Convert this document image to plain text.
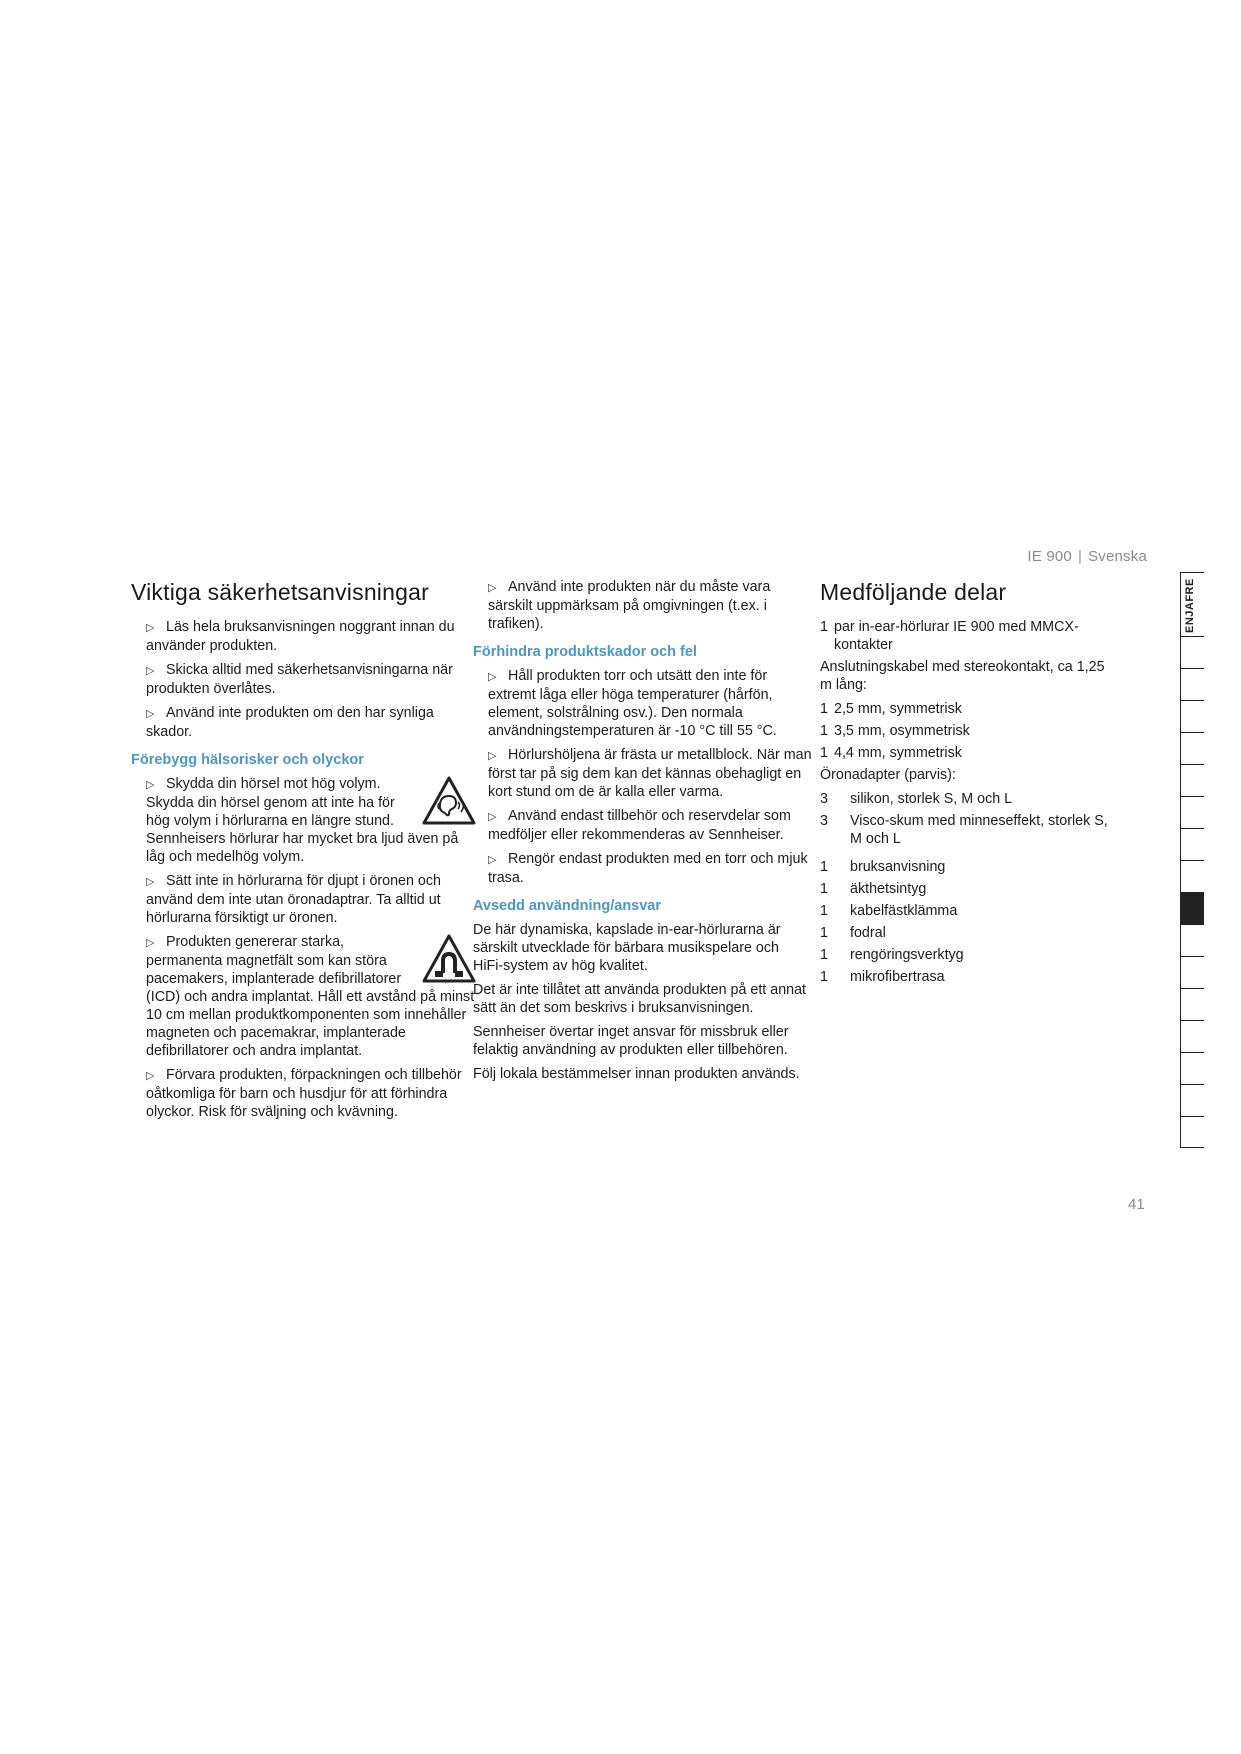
IE 900 | Svenska
Viktiga säkerhetsanvisningar

▷Läs hela bruksanvisningen noggrant innan du använder produkten.

▷Skicka alltid med säkerhetsanvisningarna när produkten överlåtes.

▷Använd inte produkten om den har synliga skador.

Förebygg hälsorisker och olyckor

▷Skydda din hörsel mot hög volym. Skydda din hörsel genom att inte ha för hög volym i hörlurarna en längre stund. Sennheisers hörlurar har mycket bra ljud även på låg och medelhög volym.

▷Sätt inte in hörlurarna för djupt i öronen och använd dem inte utan öronadaptrar. Ta alltid ut hörlurarna försiktigt ur öronen.

▷Produkten genererar starka, permanenta magnetfält som kan störa pacemakers, implanterade defibrillatorer (ICD) och andra implantat. Håll ett avstånd på minst 10 cm mellan produktkomponenten som innehåller magneten och pacemakrar, implanterade defibrillatorer och andra implantat.

▷Förvara produkten, förpackningen och tillbehör oåtkomliga för barn och husdjur för att förhindra olyckor. Risk för sväljning och kvävning.

▷Använd inte produkten när du måste vara särskilt uppmärksam på omgivningen (t.ex. i trafiken).

Förhindra produktskador och fel

▷Håll produkten torr och utsätt den inte för extremt låga eller höga temperaturer (hårfön, element, solstrålning osv.). Den normala användningstemperaturen är -10 °C till 55 °C.

▷Hörlurshöljena är frästa ur metallblock. När man först tar på sig dem kan det kännas obehagligt en kort stund om de är kalla eller varma.

▷Använd endast tillbehör och reservdelar som medföljer eller rekommenderas av Sennheiser.

▷Rengör endast produkten med en torr och mjuk trasa.

Avsedd användning/ansvar

De här dynamiska, kapslade in-ear-hörlurarna är särskilt utvecklade för bärbara musikspelare och HiFi-system av hög kvalitet.

Det är inte tillåtet att använda produkten på ett annat sätt än det som beskrivs i bruksanvisningen.

Sennheiser övertar inget ansvar för missbruk eller felaktig användning av produkten eller tillbehören.

Följ lokala bestämmelser innan produkten används.

Medföljande delar
1 par in-ear-hörlurar IE 900 med MMCX-kontakter

Anslutningskabel med stereokontakt, ca 1,25 m lång:

1 2,5 mm, symmetrisk
1 3,5 mm, osymmetrisk
1 4,4 mm, symmetrisk

Öronadapter (parvis):

3	silikon, storlek S, M och L
3	Visco-skum med minneseffekt, storlek S, M och L
1	bruksanvisning
1	äkthetsintyg
1	kabelfästklämma
1	fodral
1	rengöringsverktyg
1	mikrofibertrasa
ENJAFRE
41
